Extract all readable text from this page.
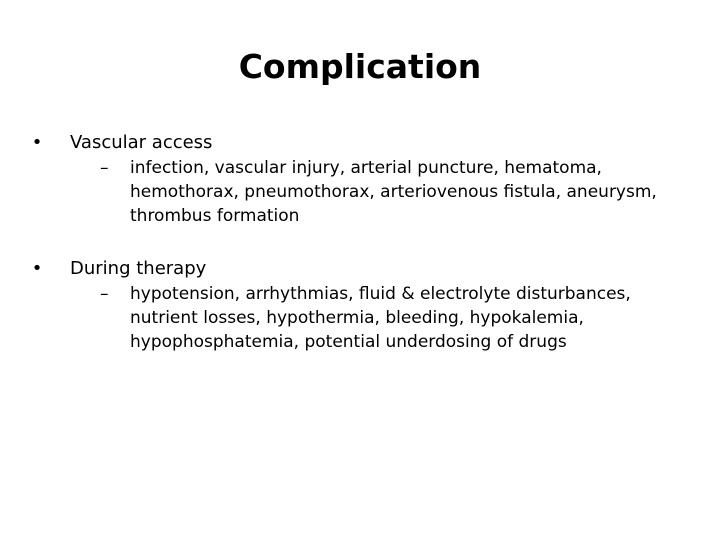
Complication
• Vascular access
–	infection, vascular injury, arterial puncture, hematoma, hemothorax, pneumothorax, arteriovenous fistula, aneurysm, thrombus formation
• During therapy
–	hypotension, arrhythmias, fluid & electrolyte disturbances, nutrient losses, hypothermia, bleeding, hypokalemia, hypophosphatemia, potential underdosing of drugs
